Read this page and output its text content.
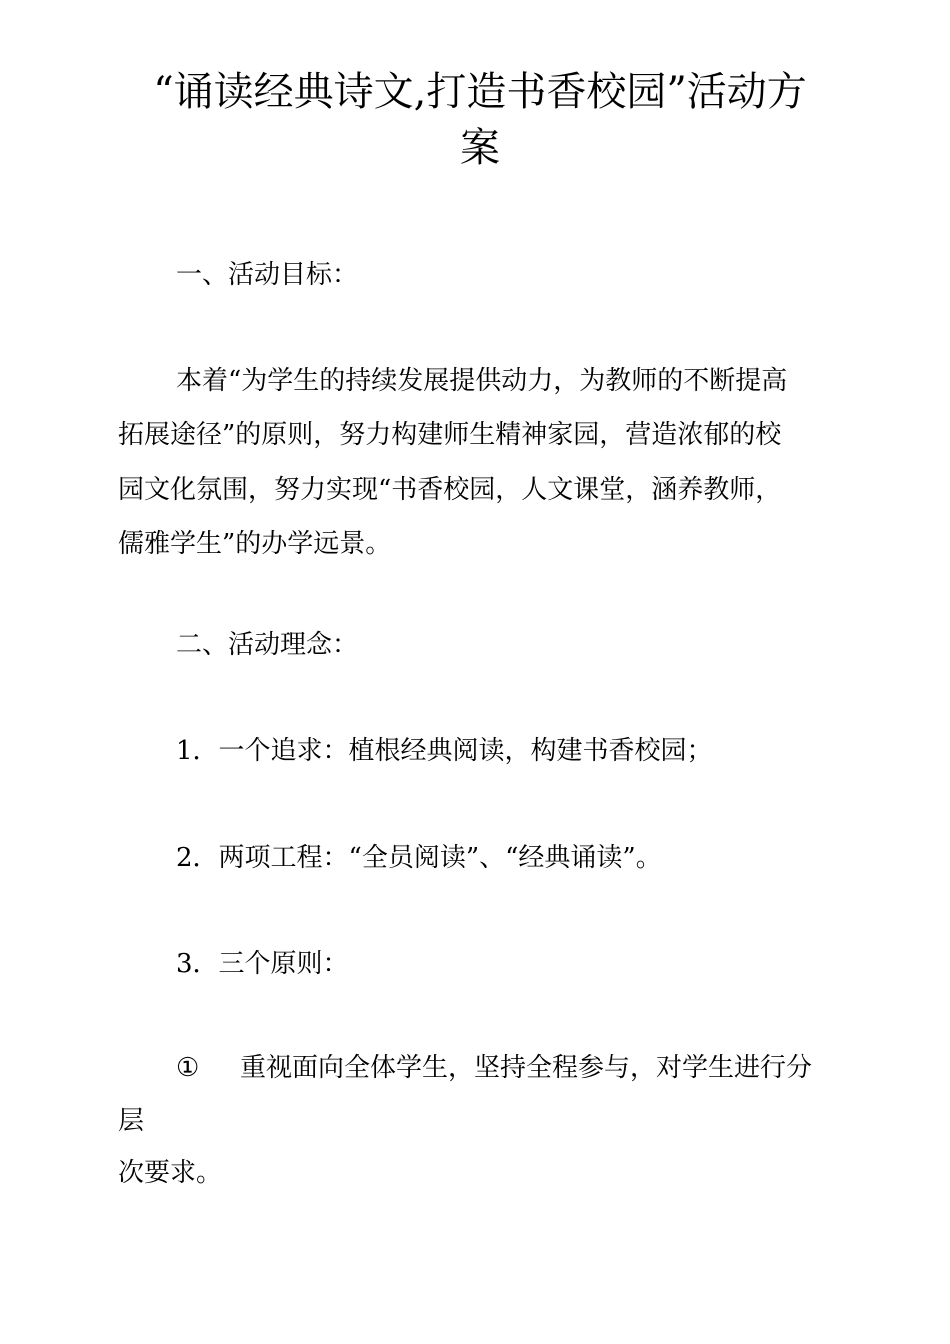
“诵读经典诗文,打造书香校园”活动方
案
一、活动目标：
本着“为学生的持续发展提供动力，为教师的不断提高
拓展途径”的原则，努力构建师生精神家园，营造浓郁的校
园文化氛围，努力实现“书香校园，人文课堂，涵养教师，
儒雅学生”的办学远景。
二、活动理念：
1．一个追求：植根经典阅读，构建书香校园；
2．两项工程：“全员阅读”、“经典诵读”。
3．三个原则：
① 重视面向全体学生，坚持全程参与，对学生进行分
层
次要求。
